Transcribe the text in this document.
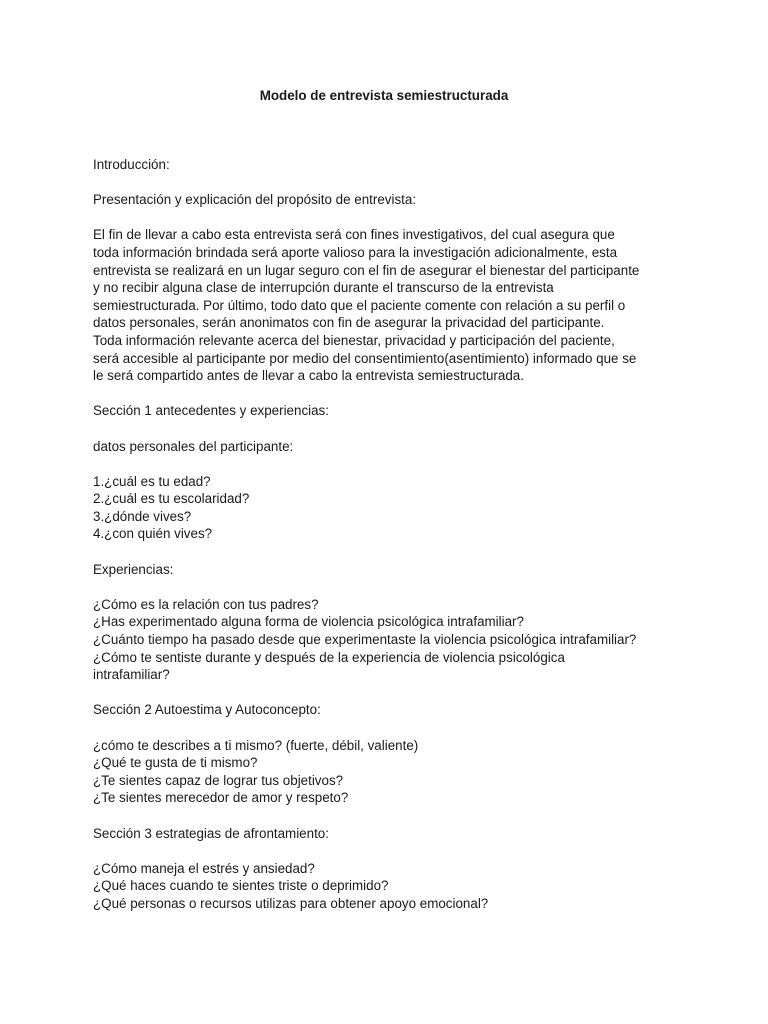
Modelo de entrevista semiestructurada
Introducción:
Presentación y explicación del propósito de entrevista:
El fin de llevar a cabo esta entrevista será con fines investigativos, del cual asegura que
toda información brindada será aporte valioso para la investigación adicionalmente, esta
entrevista se realizará en un lugar seguro con el fin de asegurar el bienestar del participante
y no recibir alguna clase de interrupción durante el transcurso de la entrevista
semiestructurada. Por último, todo dato que el paciente comente con relación a su perfil o
datos personales, serán anonimatos con fin de asegurar la privacidad del participante.
Toda información relevante acerca del bienestar, privacidad y participación del paciente,
será accesible al participante por medio del consentimiento(asentimiento) informado que se
le será compartido antes de llevar a cabo la entrevista semiestructurada.
Sección 1 antecedentes y experiencias:
datos personales del participante:
1.¿cuál es tu edad?
2.¿cuál es tu escolaridad?
3.¿dónde vives?
4.¿con quién vives?
Experiencias:
¿Cómo es la relación con tus padres?
¿Has experimentado alguna forma de violencia psicológica intrafamiliar?
¿Cuánto tiempo ha pasado desde que experimentaste la violencia psicológica intrafamiliar?
¿Cómo te sentiste durante y después de la experiencia de violencia psicológica
intrafamiliar?
Sección 2 Autoestima y Autoconcepto:
¿cómo te describes a ti mismo? (fuerte, débil, valiente)
¿Qué te gusta de ti mismo?
¿Te sientes capaz de lograr tus objetivos?
¿Te sientes merecedor de amor y respeto?
Sección 3 estrategias de afrontamiento:
¿Cómo maneja el estrés y ansiedad?
¿Qué haces cuando te sientes triste o deprimido?
¿Qué personas o recursos utilizas para obtener apoyo emocional?
